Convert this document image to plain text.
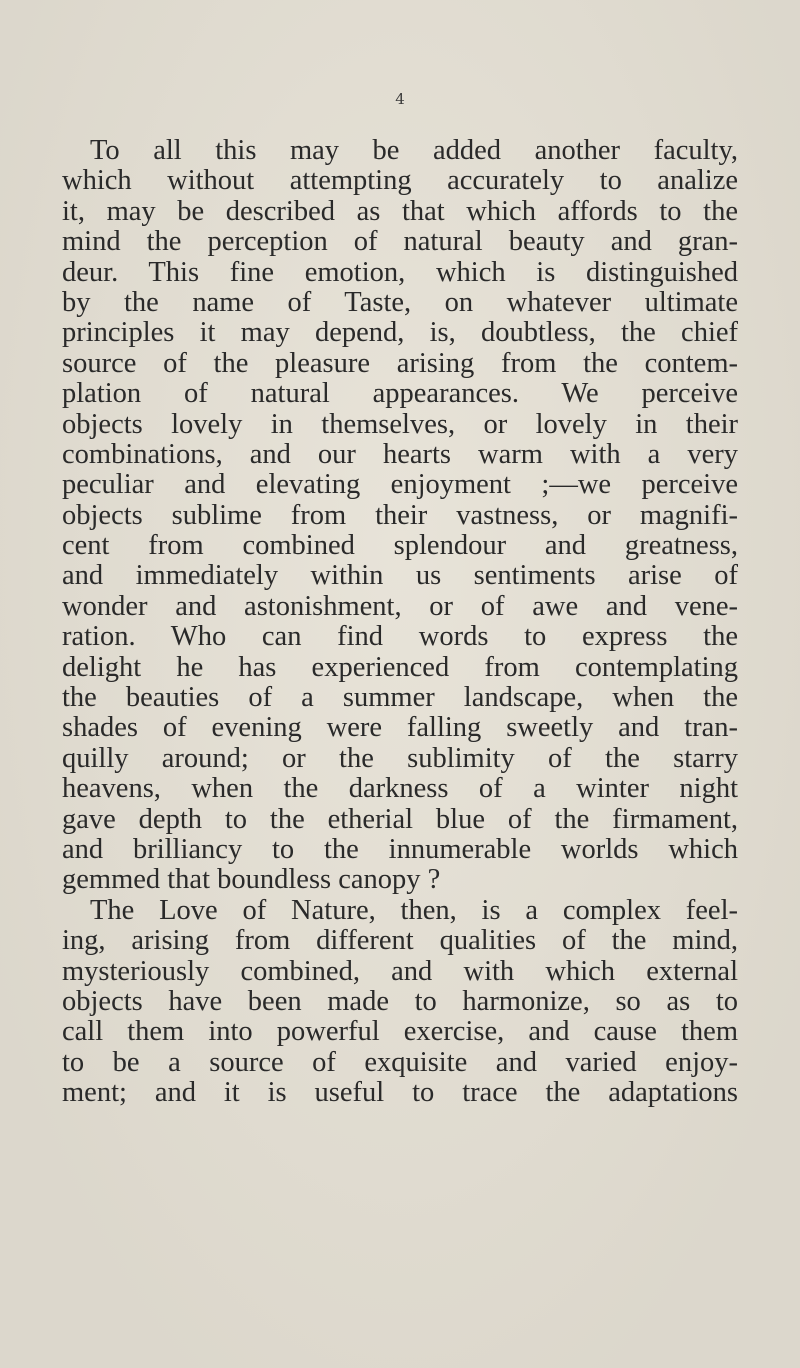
4
To all this may be added another faculty,
which without attempting accurately to analize
it, may be described as that which affords to the
mind the perception of natural beauty and gran-
deur. This fine emotion, which is distinguished
by the name of Taste, on whatever ultimate
principles it may depend, is, doubtless, the chief
source of the pleasure arising from the contem-
plation of natural appearances. We perceive
objects lovely in themselves, or lovely in their
combinations, and our hearts warm with a very
peculiar and elevating enjoyment ;—we perceive
objects sublime from their vastness, or magnifi-
cent from combined splendour and greatness,
and immediately within us sentiments arise of
wonder and astonishment, or of awe and vene-
ration. Who can find words to express the
delight he has experienced from contemplating
the beauties of a summer landscape, when the
shades of evening were falling sweetly and tran-
quilly around; or the sublimity of the starry
heavens, when the darkness of a winter night
gave depth to the etherial blue of the firmament,
and brilliancy to the innumerable worlds which
gemmed that boundless canopy ?
The Love of Nature, then, is a complex feel-
ing, arising from different qualities of the mind,
mysteriously combined, and with which external
objects have been made to harmonize, so as to
call them into powerful exercise, and cause them
to be a source of exquisite and varied enjoy-
ment; and it is useful to trace the adaptations
